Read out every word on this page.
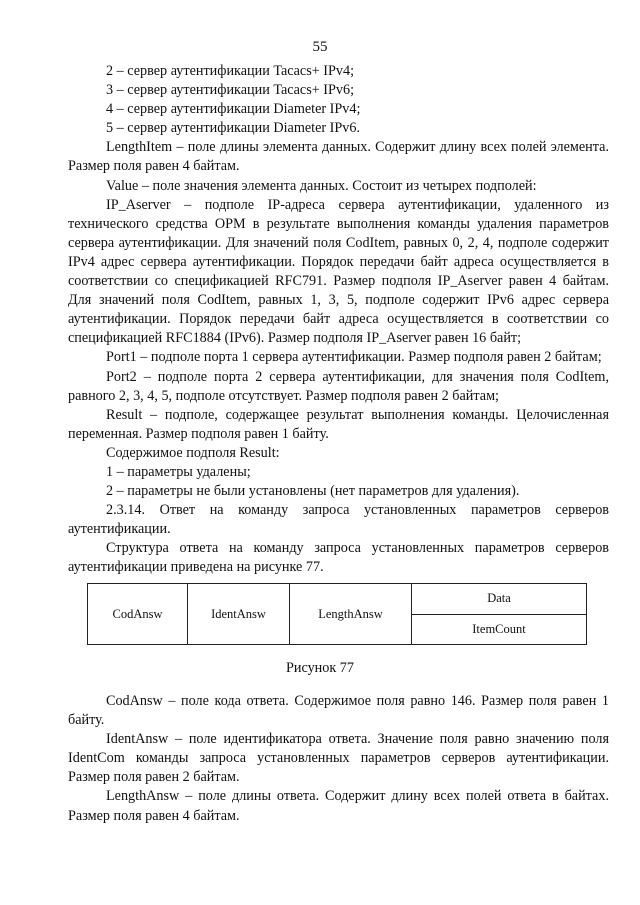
55

2 – сервер аутентификации Tacacs+ IPv4;

3 – сервер аутентификации Tacacs+ IPv6;

4 – сервер аутентификации Diameter IPv4;

5 – сервер аутентификации Diameter IPv6.

LengthItem – поле длины элемента данных. Содержит длину всех полей элемента. Размер поля равен 4 байтам.

Value – поле значения элемента данных. Состоит из четырех подполей:

IP_Aserver – подполе IP-адреса сервера аутентификации, удаленного из технического средства ОРМ в результате выполнения команды удаления параметров сервера аутентификации. Для значений поля CodItem, равных 0, 2, 4, подполе содержит IPv4 адрес сервера аутентификации. Порядок передачи байт адреса осуществляется в соответствии со спецификацией RFC791. Размер подполя IP_Aserver равен 4 байтам. Для значений поля CodItem, равных 1, 3, 5, подполе содержит IPv6 адрес сервера аутентификации. Порядок передачи байт адреса осуществляется в соответствии со спецификацией RFC1884 (IPv6). Размер подполя IP_Aserver равен 16 байт;

Port1 – подполе порта 1 сервера аутентификации. Размер подполя равен 2 байтам;

Port2 – подполе порта 2 сервера аутентификации, для значения поля CodItem, равного 2, 3, 4, 5, подполе отсутствует. Размер подполя равен 2 байтам;

Result – подполе, содержащее результат выполнения команды. Целочисленная переменная. Размер подполя равен 1 байту.

Содержимое подполя Result:

1 – параметры удалены;

2 – параметры не были установлены (нет параметров для удаления).

2.3.14. Ответ на команду запроса установленных параметров серверов аутентификации.

Структура ответа на команду запроса установленных параметров серверов аутентификации приведена на рисунке 77.

CodAnsw	IdentAnsw	LengthAnsw
Data
ItemCount
Рисунок 77

CodAnsw – поле кода ответа. Содержимое поля равно 146. Размер поля равен 1 байту.

IdentAnsw – поле идентификатора ответа. Значение поля равно значению поля IdentCom команды запроса установленных параметров серверов аутентификации. Размер поля равен 2 байтам.

LengthAnsw – поле длины ответа. Содержит длину всех полей ответа в байтах. Размер поля равен 4 байтам.
